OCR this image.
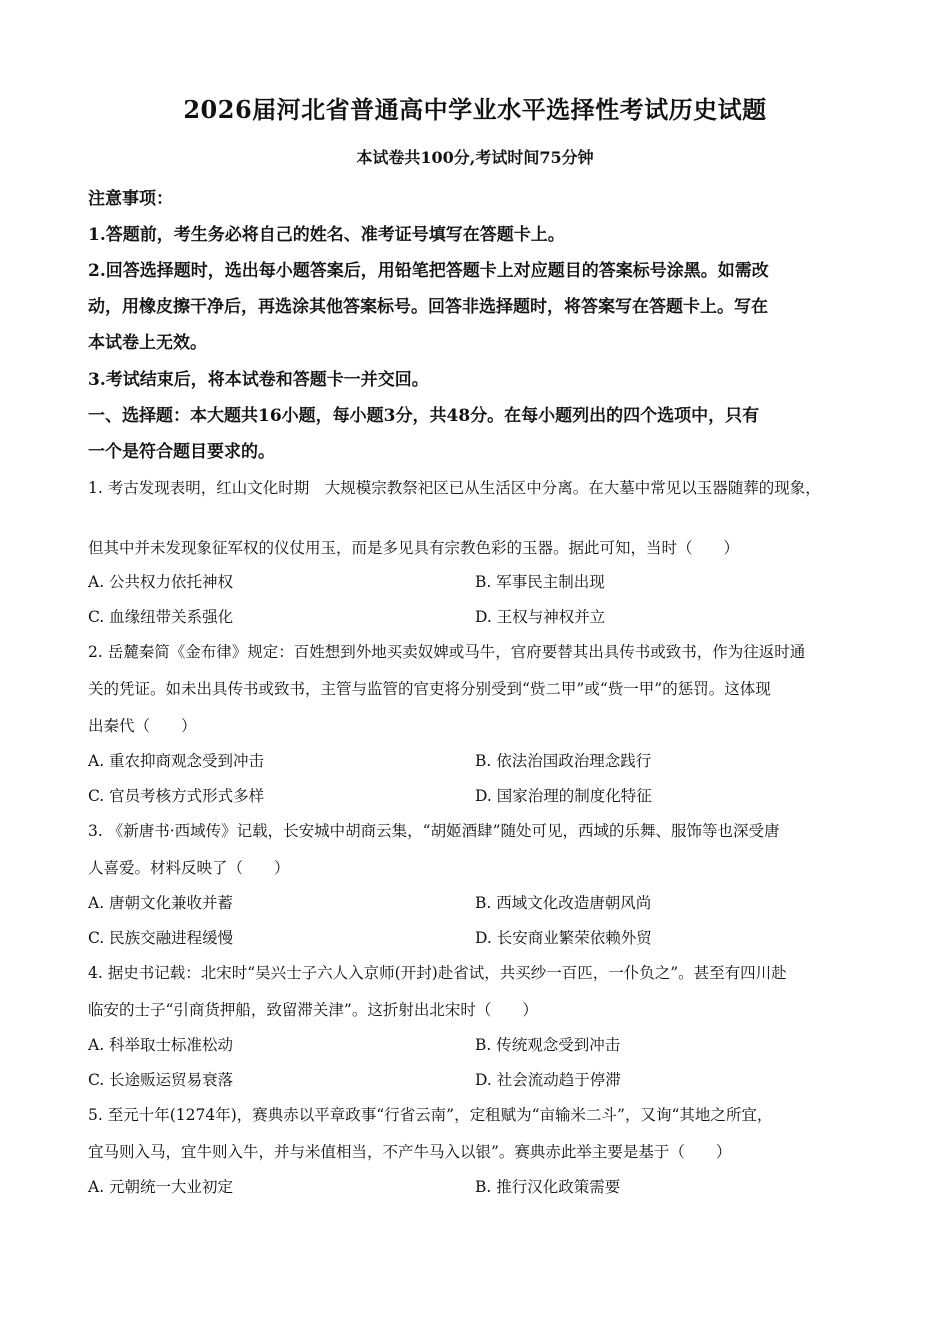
2026届河北省普通高中学业水平选择性考试历史试题
本试卷共100分,考试时间75分钟
注意事项：
1.答题前，考生务必将自己的姓名、准考证号填写在答题卡上。
2.回答选择题时，选出每小题答案后，用铅笔把答题卡上对应题目的答案标号涂黑。如需改
动，用橡皮擦干净后，再选涂其他答案标号。回答非选择题时，将答案写在答题卡上。写在
本试卷上无效。
3.考试结束后，将本试卷和答题卡一并交回。
一、选择题：本大题共16小题，每小题3分，共48分。在每小题列出的四个选项中，只有
一个是符合题目要求的。
1. 考古发现表明，红山文化时期　大规模宗教祭祀区已从生活区中分离。在大墓中常见以玉器随葬的现象，
但其中并未发现象征军权的仪仗用玉，而是多见具有宗教色彩的玉器。据此可知，当时（　　）
A. 公共权力依托神权	B. 军事民主制出现
C. 血缘纽带关系强化	D. 王权与神权并立
2. 岳麓秦简《金布律》规定：百姓想到外地买卖奴婢或马牛，官府要替其出具传书或致书，作为往返时通
关的凭证。如未出具传书或致书，主管与监管的官吏将分别受到“赀二甲”或“赀一甲”的惩罚。这体现
出秦代（　　）
A. 重农抑商观念受到冲击	B. 依法治国政治理念践行
C. 官员考核方式形式多样	D. 国家治理的制度化特征
3. 《新唐书·西域传》记载，长安城中胡商云集，“胡姬酒肆”随处可见，西域的乐舞、服饰等也深受唐
人喜爱。材料反映了（　　）
A. 唐朝文化兼收并蓄	B. 西域文化改造唐朝风尚
C. 民族交融进程缓慢	D. 长安商业繁荣依赖外贸
4. 据史书记载：北宋时“吴兴士子六人入京师(开封)赴省试，共买纱一百匹，一仆负之”。甚至有四川赴
临安的士子“引商货押船，致留滞关津”。这折射出北宋时（　　）
A. 科举取士标准松动	B. 传统观念受到冲击
C. 长途贩运贸易衰落	D. 社会流动趋于停滞
5. 至元十年(1274年)，赛典赤以平章政事“行省云南”，定租赋为“亩输米二斗”，又询“其地之所宜，
宜马则入马，宜牛则入牛，并与米值相当，不产牛马入以银”。赛典赤此举主要是基于（　　）
A. 元朝统一大业初定	B. 推行汉化政策需要
